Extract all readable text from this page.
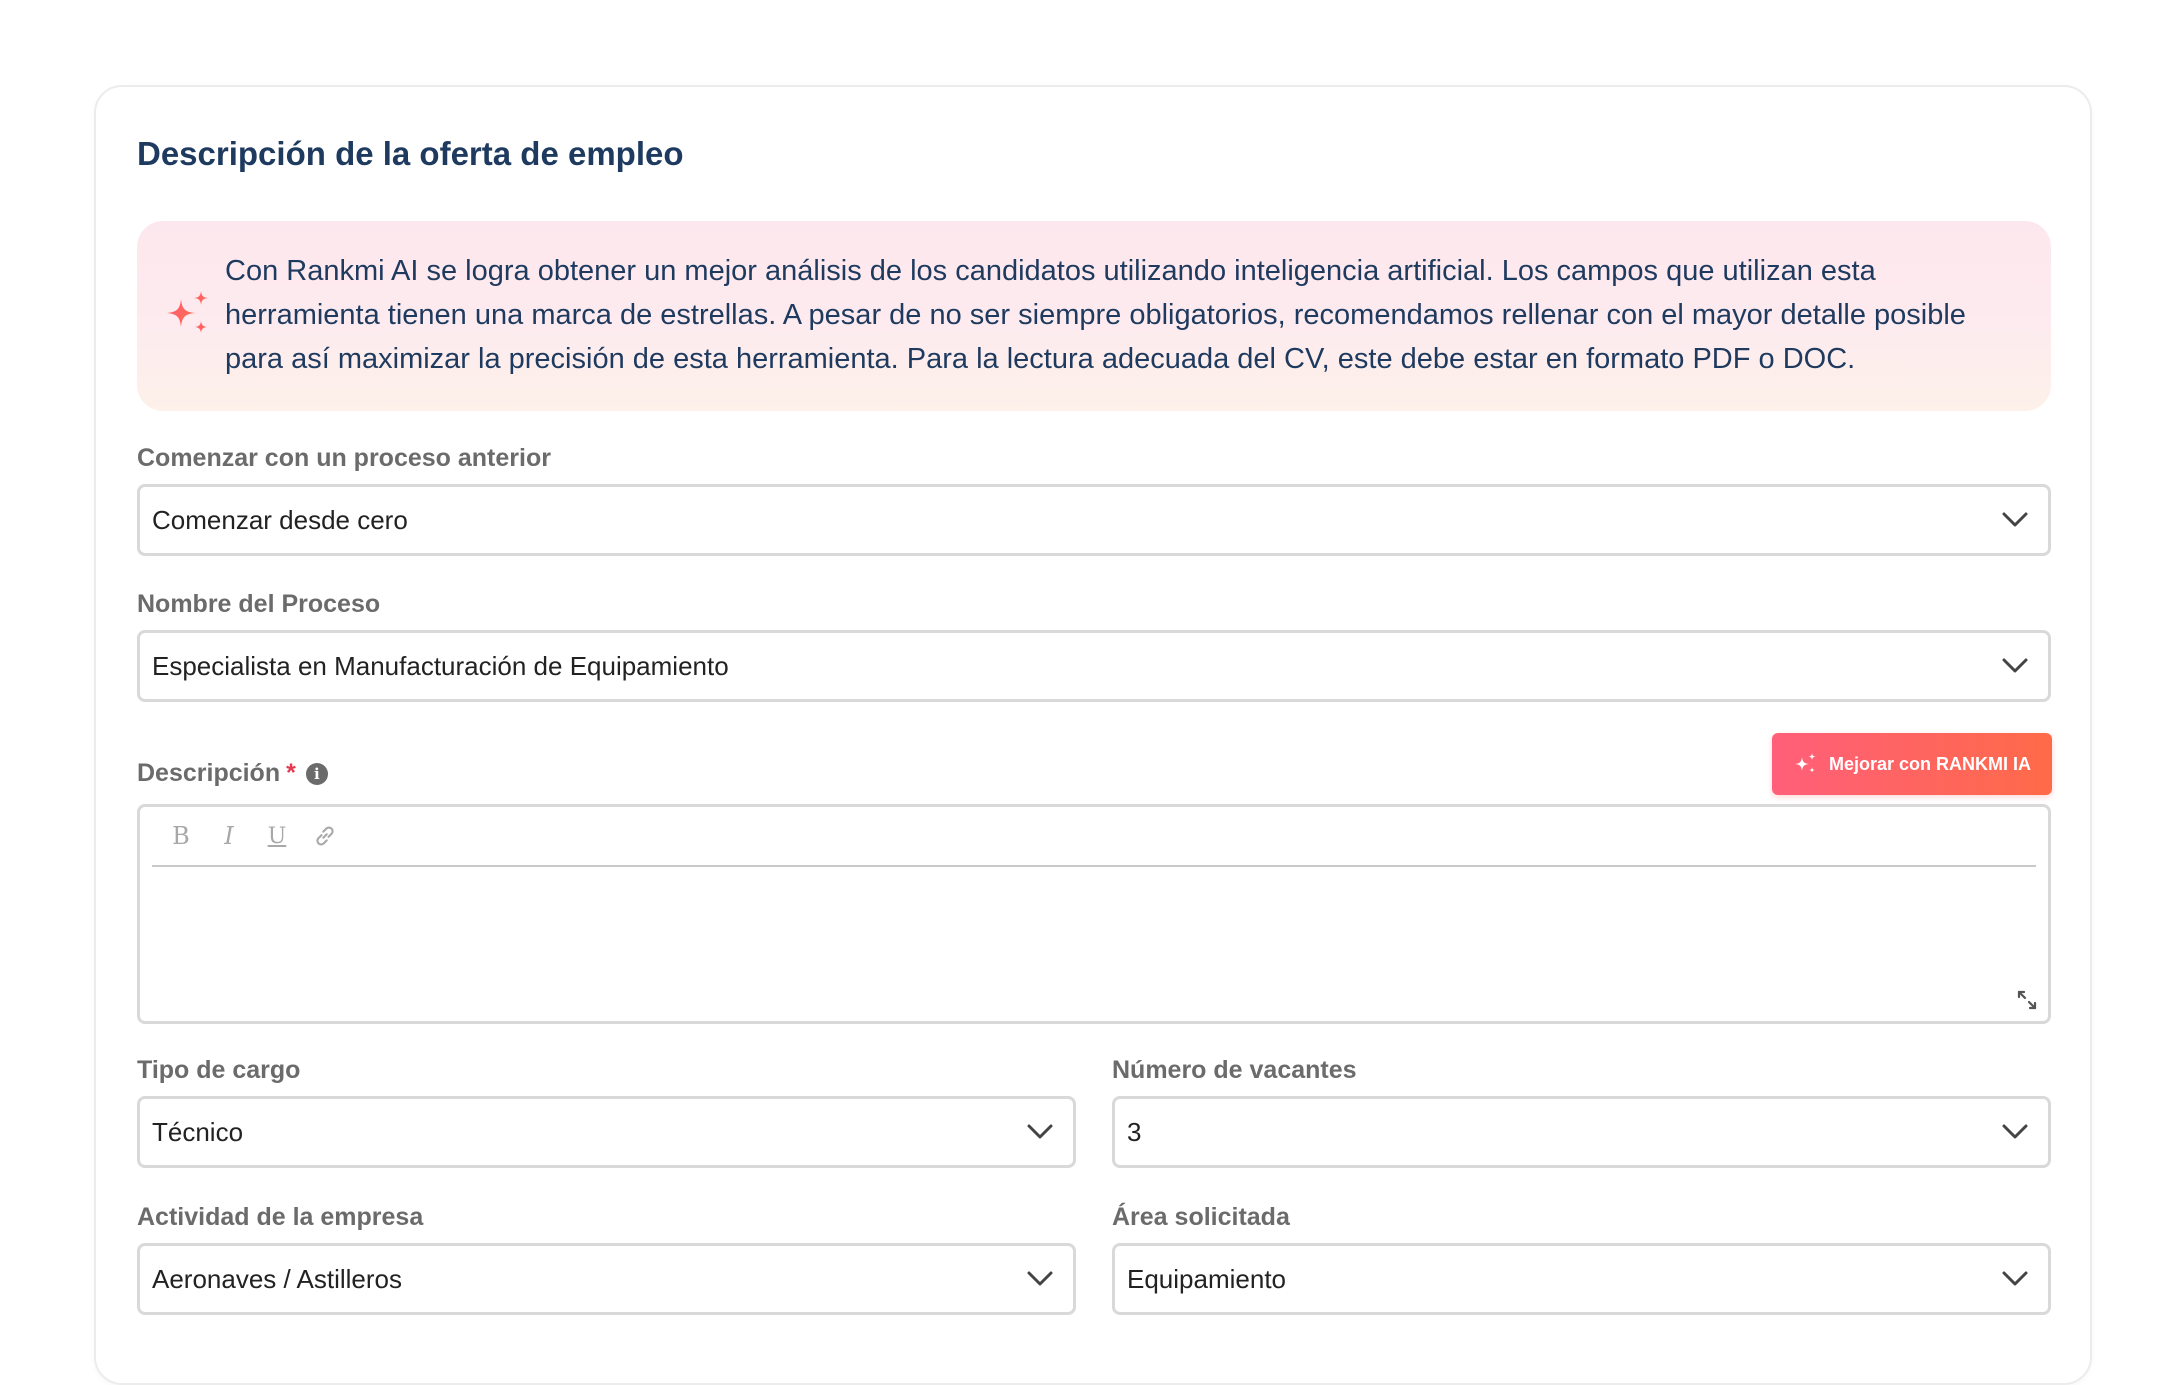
Descripción de la oferta de empleo

Con Rankmi AI se logra obtener un mejor análisis de los candidatos utilizando inteligencia artificial. Los campos que utilizan esta herramienta tienen una marca de estrellas. A pesar de no ser siempre obligatorios, recomendamos rellenar con el mayor detalle posible para así maximizar la precisión de esta herramienta. Para la lectura adecuada del CV, este debe estar en formato PDF o DOC.

Comenzar con un proceso anterior
Comenzar desde cero
Nombre del Proceso
Especialista en Manufacturación de Equipamiento
Descripción * i
Mejorar con RANKMI IA
B	I	U
Tipo de cargo
Técnico
Número de vacantes
3
Actividad de la empresa
Aeronaves / Astilleros
Área solicitada
Equipamiento
